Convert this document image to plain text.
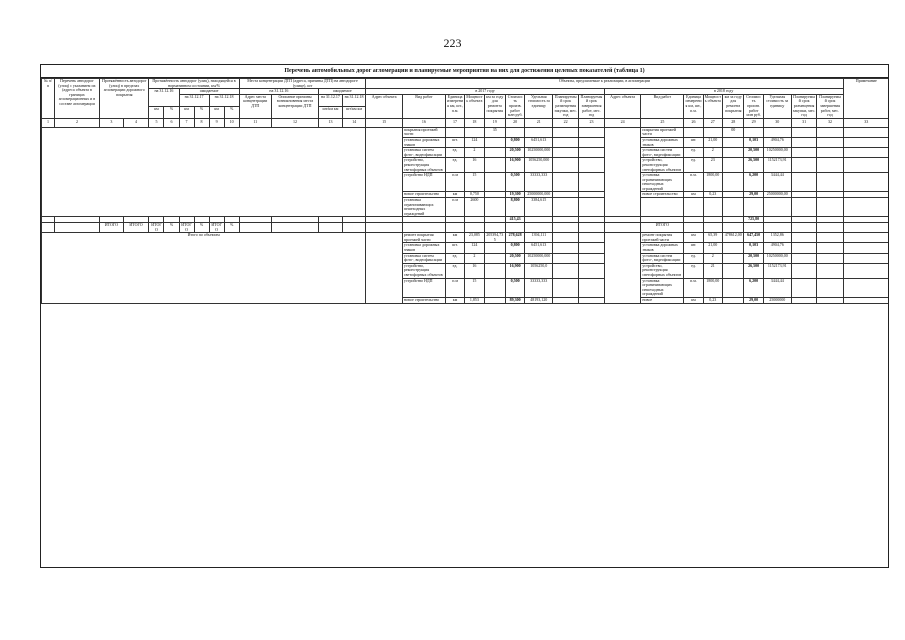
223
Перечень автомобильных дорог агломерации и планируемые мероприятия на них для достижения целевых показателей (таблица 1)
№ п/п	Перечень автодорог (улиц) с указанием их (адреса объекта в границах агломерационных и в составе агломерации	Протяжённость автодорог (улиц) в пределах агломерации дорожного покрытия		Протяжённость автодорог (улиц), находящейся в нормативном состоянии, км/%						Места концентрации ДТП (адреса, причины ДТП) на автодороге (улице), шт				Объекты, предлагаемые к реализации, в агломерации																		Примечание
				на 31.12.16		ожидаемое				на 31.12.16		ожидаемое		в 2017 году									в 2018 году									
						на 31.12.17		на 31.12.18		Адрес места концентрации ДТП	Описание причины возникновения места концентрации ДТП	на 31.12.17	на 31.12.18	Адрес объекта	Вид работ	Единица измерения км, шт., п.м.	Мощность объекта	км за году для ремонта покрытия	Стоимость произв. работ млн руб.	Удельная стоимость за единицу	Планируемый срок размещения закупки, мес. год	Планируемый срок завершения работ, мес. год	Адрес объекта	Вид работ	Единица измерения км, шт., п.м.	Мощность объекта	км за году для ремонта покрытия	Стоимость произв. работ млн руб.	Удельная стоимость за единицу	Планируемый срок размещения закупки, мес. год	Планируемый срок завершения работ, мес. год	
				км	%	км	%	км	%			шт/км км	шт/км км																			
1	2	3	4	5	6	7	8	9	10	11	12	13	14	15	16	17	18	19	20	21	22	23	24	25	26	27	28	29	30	31	32	33
															покрытия проезжей части			35						покрытия проезжей части			00					
															установка дорожных знаков	шт.	124		0,800	6451,613				установка дорожных знаков	шт.	21,00		0,103	4904,76			
															установка систем фото-, видеофиксации	ед.	2		20,500	10250000,000				установка систем фото-, видеофиксации	ед.	2		20,500	10250000,00			
															устройство, реконструкция светофорных объектов	ед.	16		16,900	1056250,000				устройство, реконструкция светофорных объектов	ед.	23		26,500	1152173,91			
															устройство НДП	п.м	15		0,500	33333,333				установка ограничивающих пешеходных ограждений	п.м.	1800,00		6,200	3444,44			
															новое строительство	км	0,750		19,300	25000000,000				новое строительство	км	0,23		29,00	25000000,00			
															установка ограничивающих пешеходных ограждений	п.м	2600		8,800	3384,615												
																			415,43									725,80				
		ИТОГО	ИТОГО	ИТОГО	%	ИТОГО	%	ИТОГО	%															ИТОГО								
Итого по объектам															ремонт покрытия проезжей части	км	23,085	205394,735	278,628	1394,111				ремонт покрытия проезжей части	км	65,39	478612,00	647,450	1352,86			
															установка дорожных знаков	шт.	124		0,800	6451,613				установка дорожных знаков	шт.	21,00		0,103	4904,76			
															установка систем фото-, видеофиксации	ед.	2		20,500	10250000,000				установка систем фото-, видеофиксации	ед.	2		20,500	10250000,00			
															устройство, реконструкция светофорных объектов	ед.	16		16,900	1056250,0				устройство, реконструкция светофорных объектов	ед.	21		26,500	1152173,91			
															устройство НДП	п.м	15		0,500	33333,333				установка ограничивающих пешеходных ограждений	п.м.	1800,00		6,200	3444,44			
															новое строительство	км	1,853		89,300	48193,120				новое	км	0,23		29,00	25000000			
